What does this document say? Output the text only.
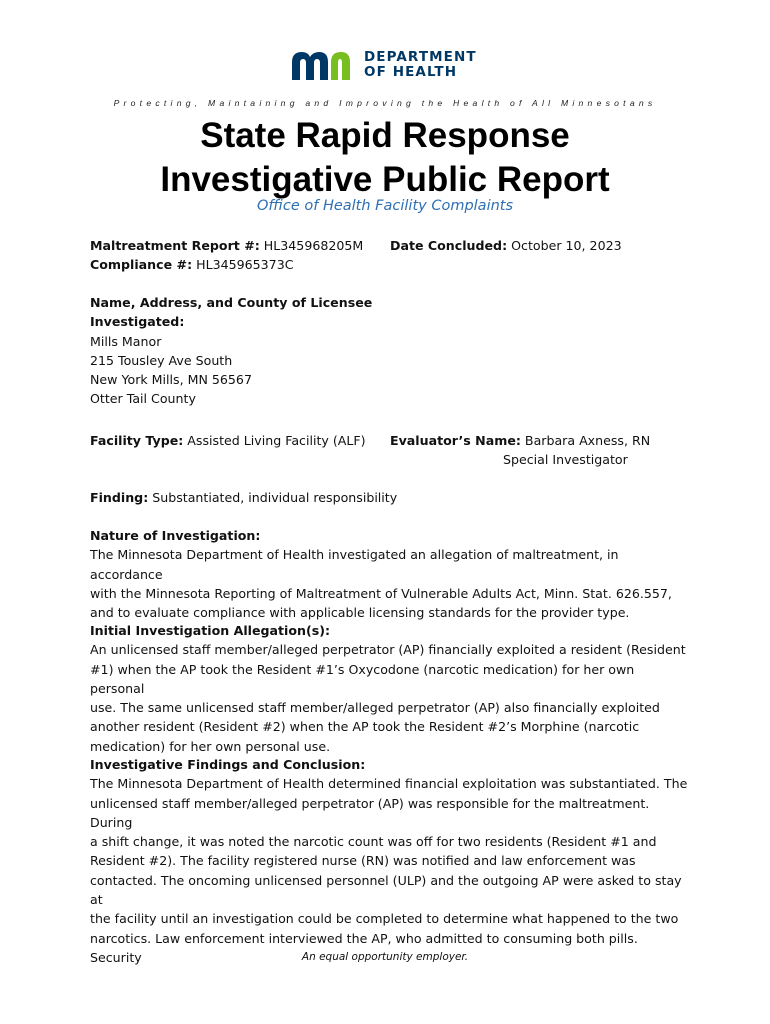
DEPARTMENT
OF HEALTH
Protecting, Maintaining and Improving the Health of All Minnesotans
State Rapid Response
Investigative Public Report
Office of Health Facility Complaints
Maltreatment Report #: HL345968205M
Compliance #: HL345965373C
Date Concluded: October 10, 2023
Name, Address, and County of Licensee
Investigated:
Mills Manor
215 Tousley Ave South
New York Mills, MN 56567
Otter Tail County
Facility Type: Assisted Living Facility (ALF) Evaluator’s Name: Barbara Axness, RN
Special Investigator
Finding: Substantiated, individual responsibility

Nature of Investigation:

The Minnesota Department of Health investigated an allegation of maltreatment, in accordance

with the Minnesota Reporting of Maltreatment of Vulnerable Adults Act, Minn. Stat. 626.557,

and to evaluate compliance with applicable licensing standards for the provider type.

Initial Investigation Allegation(s):

An unlicensed staff member/alleged perpetrator (AP) financially exploited a resident (Resident

#1) when the AP took the Resident #1’s Oxycodone (narcotic medication) for her own personal

use. The same unlicensed staff member/alleged perpetrator (AP) also financially exploited

another resident (Resident #2) when the AP took the Resident #2’s Morphine (narcotic

medication) for her own personal use.

Investigative Findings and Conclusion:

The Minnesota Department of Health determined financial exploitation was substantiated. The

unlicensed staff member/alleged perpetrator (AP) was responsible for the maltreatment. During

a shift change, it was noted the narcotic count was off for two residents (Resident #1 and

Resident #2). The facility registered nurse (RN) was notified and law enforcement was

contacted. The oncoming unlicensed personnel (ULP) and the outgoing AP were asked to stay at

the facility until an investigation could be completed to determine what happened to the two

narcotics. Law enforcement interviewed the AP, who admitted to consuming both pills. Security	An equal opportunity employer.
